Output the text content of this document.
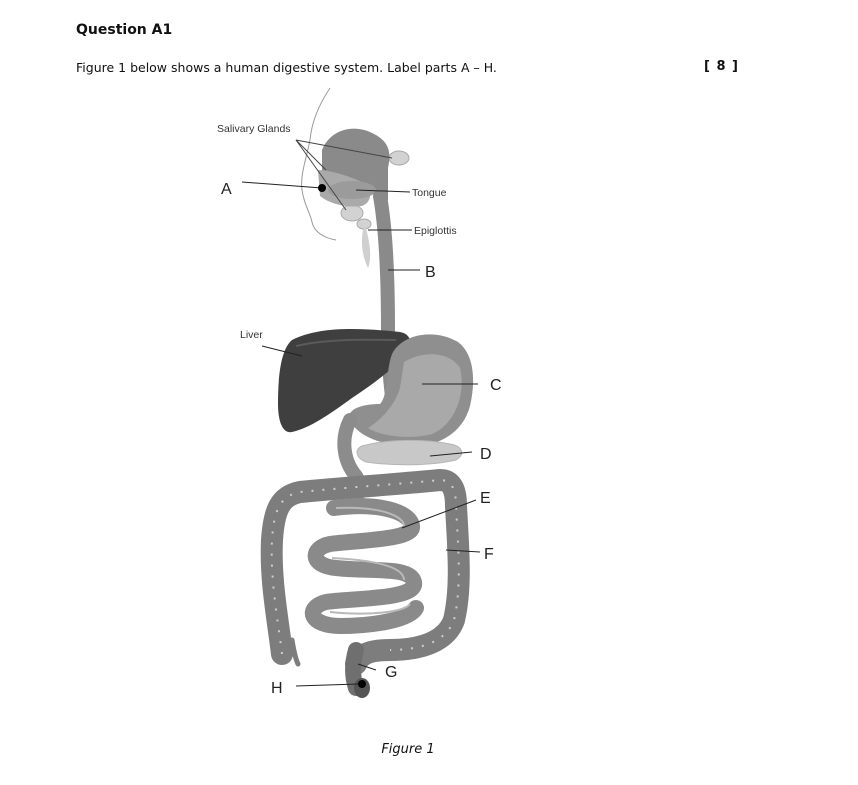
Question A1
Figure 1 below shows a human digestive system. Label parts A – H.	[ 8 ]
Salivary Glands
Tongue
Epiglottis
Liver
A
B
C
D
E
F
G
H
Figure 1
